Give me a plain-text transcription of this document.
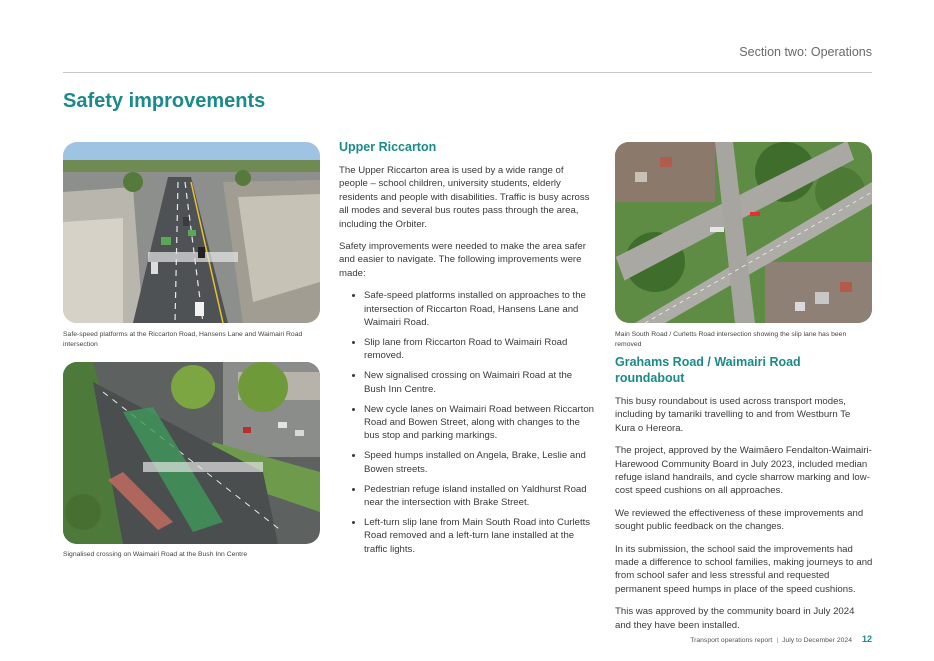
Section two: Operations
Safety improvements
Safe-speed platforms at the Riccarton Road, Hansens Lane and Waimairi Road intersection
Signalised crossing on Waimairi Road at the Bush Inn Centre
Main South Road / Curletts Road intersection showing the slip lane has been removed
Upper Riccarton

The Upper Riccarton area is used by a wide range of people – school children, university students, elderly residents and people with disabilities. Traffic is busy across all modes and several bus routes pass through the area, including the Orbiter.

Safety improvements were needed to make the area safer and easier to navigate. The following improvements were made:

• Safe-speed platforms installed on approaches to the intersection of Riccarton Road, Hansens Lane and Waimairi Road.
• Slip lane from Riccarton Road to Waimairi Road removed.
• New signalised crossing on Waimairi Road at the Bush Inn Centre.
• New cycle lanes on Waimairi Road between Riccarton Road and Bowen Street, along with changes to the bus stop and parking markings.
• Speed humps installed on Angela, Brake, Leslie and Bowen streets.
• Pedestrian refuge island installed on Yaldhurst Road near the intersection with Brake Street.
• Left-turn slip lane from Main South Road into Curletts Road removed and a left-turn lane installed at the traffic lights.
Grahams Road / Waimairi Road roundabout

This busy roundabout is used across transport modes, including by tamariki travelling to and from Westburn Te Kura o Hereora.

The project, approved by the Waimāero Fendalton-Waimairi-Harewood Community Board in July 2023, included median refuge island handrails, and cycle sharrow marking and low-cost speed cushions on all approaches.

We reviewed the effectiveness of these improvements and sought public feedback on the changes.

In its submission, the school said the improvements had made a difference to school families, making journeys to and from school safer and less stressful and requested permanent speed humps in place of the speed cushions.

This was approved by the community board in July 2024 and they have been installed.

Transport operations report | July to December 2024 12
